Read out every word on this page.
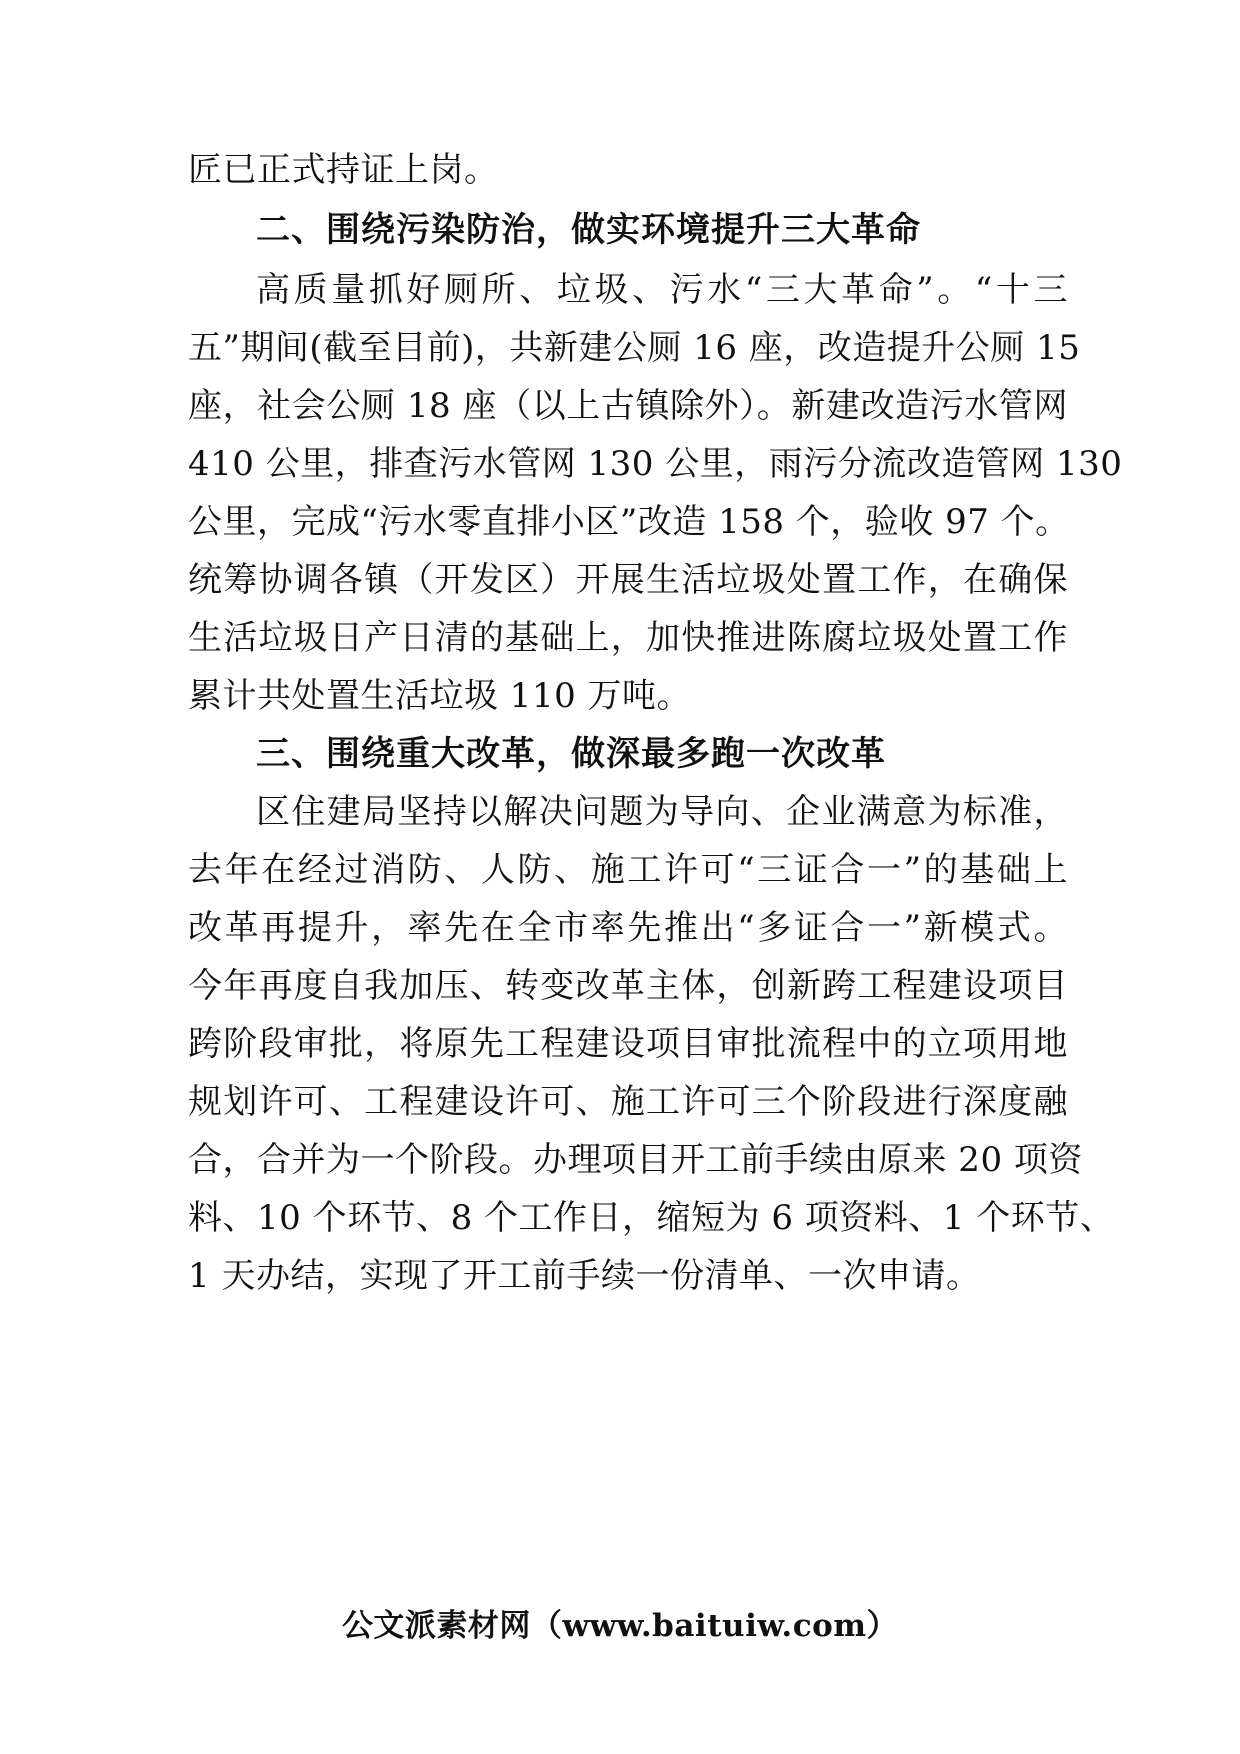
匠已正式持证上岗。
二、围绕污染防治，做实环境提升三大革命
高质量抓好厕所、垃圾、污水“三大革命”。“十三
五”期间(截至目前)，共新建公厕 16 座，改造提升公厕 15
座，社会公厕 18 座（以上古镇除外）。新建改造污水管网
410 公里，排查污水管网 130 公里，雨污分流改造管网 130
公里，完成“污水零直排小区”改造 158 个，验收 97 个。
统筹协调各镇（开发区）开展生活垃圾处置工作，在确保
生活垃圾日产日清的基础上，加快推进陈腐垃圾处置工作
累计共处置生活垃圾 110 万吨。
三、围绕重大改革，做深最多跑一次改革
区住建局坚持以解决问题为导向、企业满意为标准，
去年在经过消防、人防、施工许可“三证合一”的基础上
改革再提升，率先在全市率先推出“多证合一”新模式。
今年再度自我加压、转变改革主体，创新跨工程建设项目
跨阶段审批，将原先工程建设项目审批流程中的立项用地
规划许可、工程建设许可、施工许可三个阶段进行深度融
合，合并为一个阶段。办理项目开工前手续由原来 20 项资
料、10 个环节、8 个工作日，缩短为 6 项资料、1 个环节、
1 天办结，实现了开工前手续一份清单、一次申请。
公文派素材网（www.baituiw.com）
